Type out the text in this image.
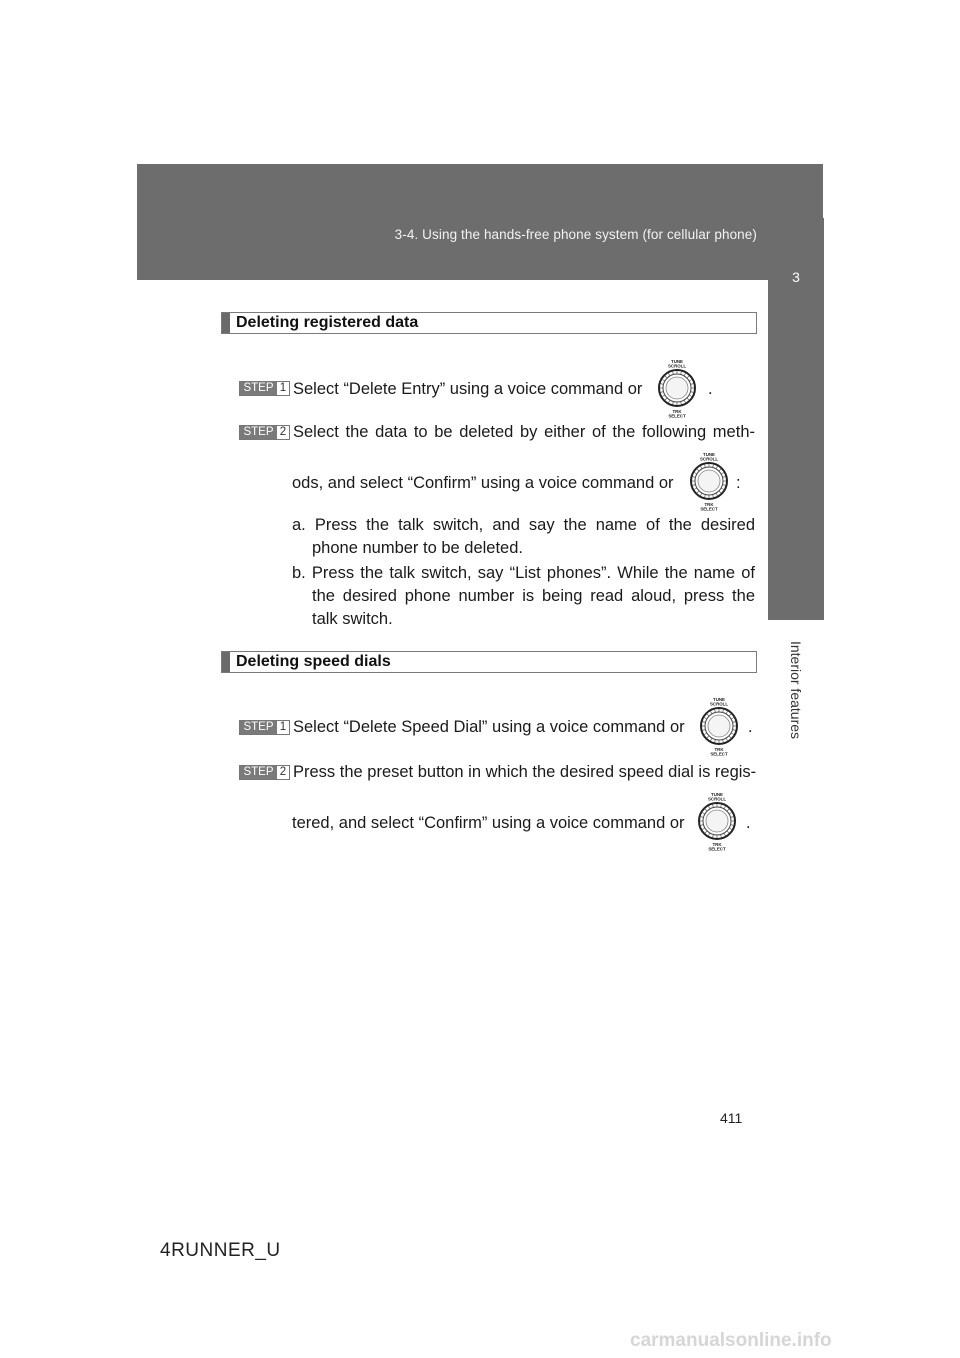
3-4. Using the hands-free phone system (for cellular phone)
3
Interior features
Deleting registered data
STEP 1 Select “Delete Entry” using a voice command or
TUNE
SCROLL
TRK
SELECT
.
STEP 2 Select the data to be deleted by either of the following meth-
ods, and select “Confirm” using a voice command or
TUNE
SCROLL
TRK
SELECT
:
a. Press the talk switch, and say the name of the desired
phone number to be deleted.
b. Press the talk switch, say “List phones”. While the name of
the desired phone number is being read aloud, press the
talk switch.
Deleting speed dials
STEP 1 Select “Delete Speed Dial” using a voice command or
TUNE
SCROLL
TRK
SELECT
.
STEP 2 Press the preset button in which the desired speed dial is regis-
tered, and select “Confirm” using a voice command or
TUNE
SCROLL
TRK
SELECT
.
411
4RUNNER_U
carmanualsonline.info
